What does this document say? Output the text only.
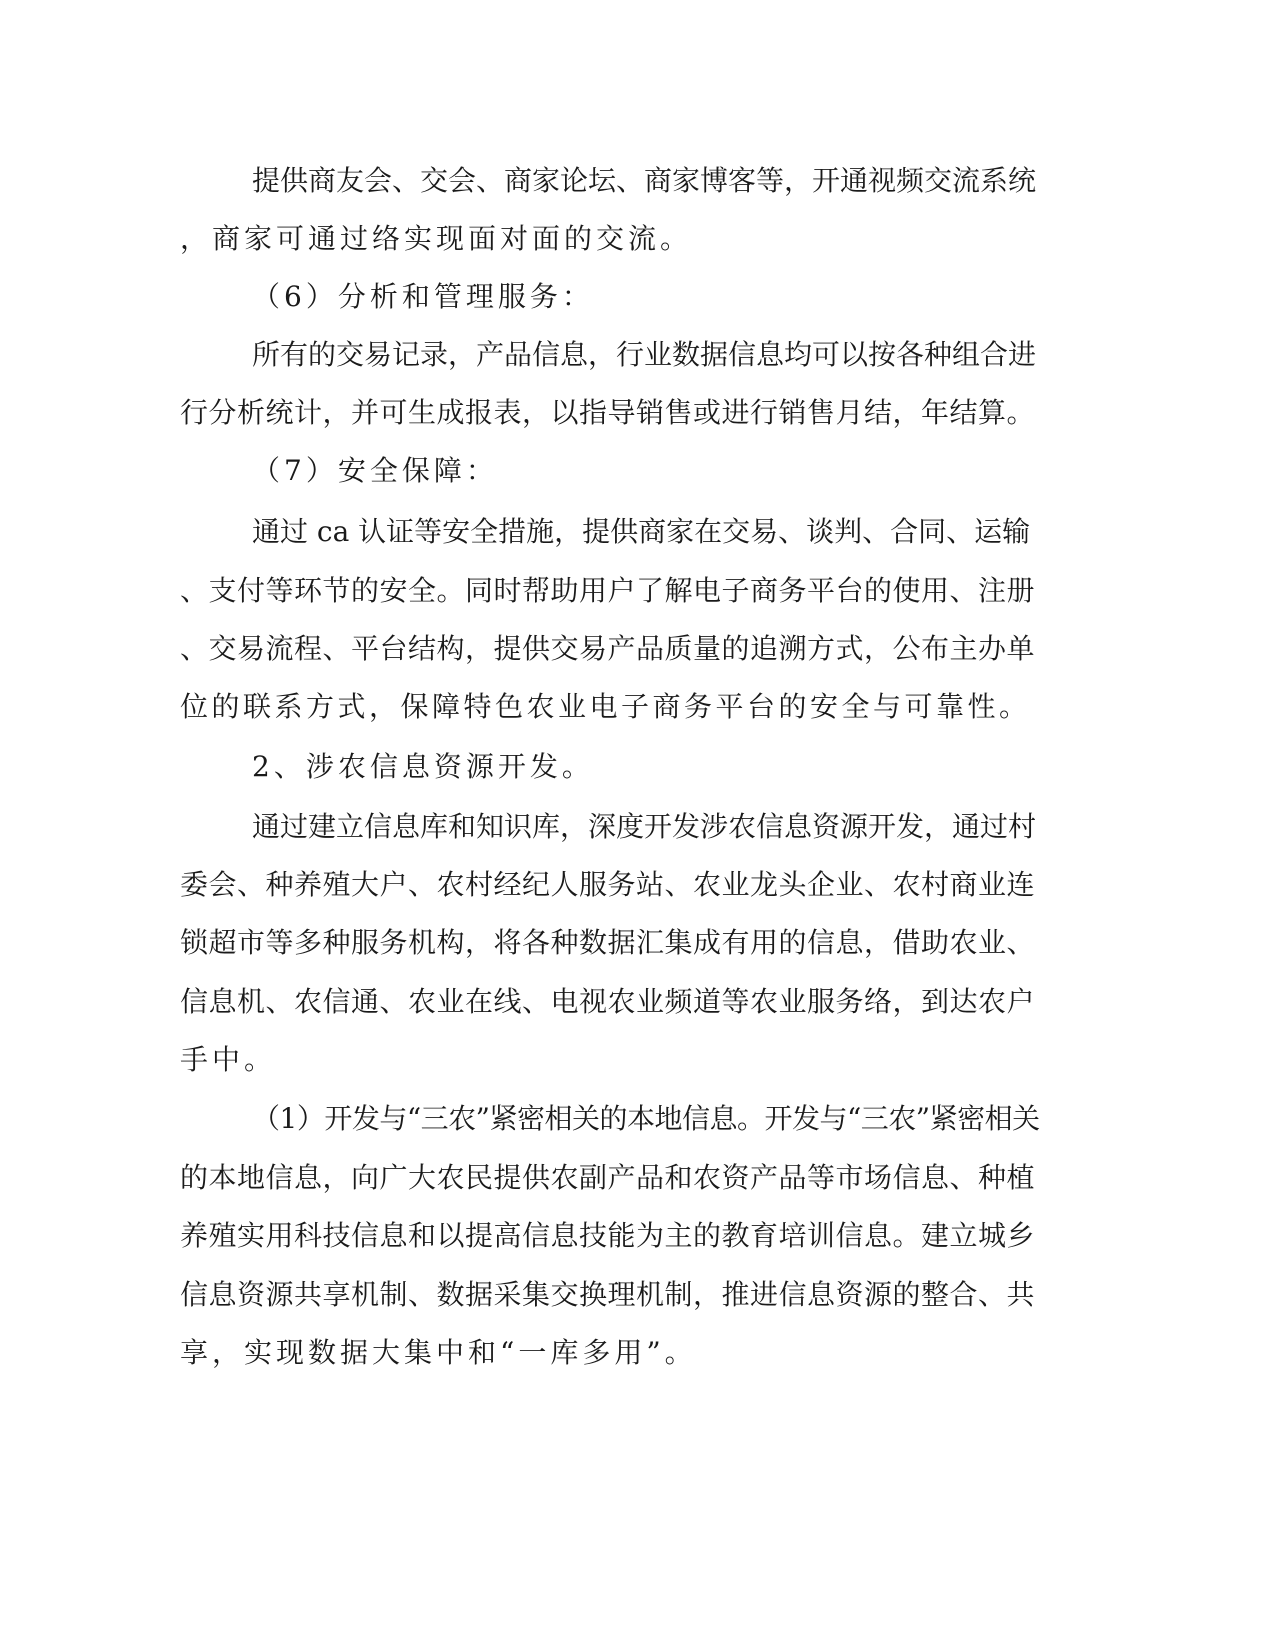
提供商友会、交会、商家论坛、商家博客等，开通视频交流系统
，商家可通过络实现面对面的交流。
（6）分析和管理服务：
所有的交易记录，产品信息，行业数据信息均可以按各种组合进
行分析统计，并可生成报表，以指导销售或进行销售月结，年结算。
（7）安全保障：
通过 ca 认证等安全措施，提供商家在交易、谈判、合同、运输
、支付等环节的安全。同时帮助用户了解电子商务平台的使用、注册
、交易流程、平台结构，提供交易产品质量的追溯方式，公布主办单
位的联系方式，保障特色农业电子商务平台的安全与可靠性。
2、涉农信息资源开发。
通过建立信息库和知识库，深度开发涉农信息资源开发，通过村
委会、种养殖大户、农村经纪人服务站、农业龙头企业、农村商业连
锁超市等多种服务机构，将各种数据汇集成有用的信息，借助农业、
信息机、农信通、农业在线、电视农业频道等农业服务络，到达农户
手中。
（1）开发与“三农”紧密相关的本地信息。开发与“三农”紧密相关
的本地信息，向广大农民提供农副产品和农资产品等市场信息、种植
养殖实用科技信息和以提高信息技能为主的教育培训信息。建立城乡
信息资源共享机制、数据采集交换理机制，推进信息资源的整合、共
享，实现数据大集中和“一库多用”。
